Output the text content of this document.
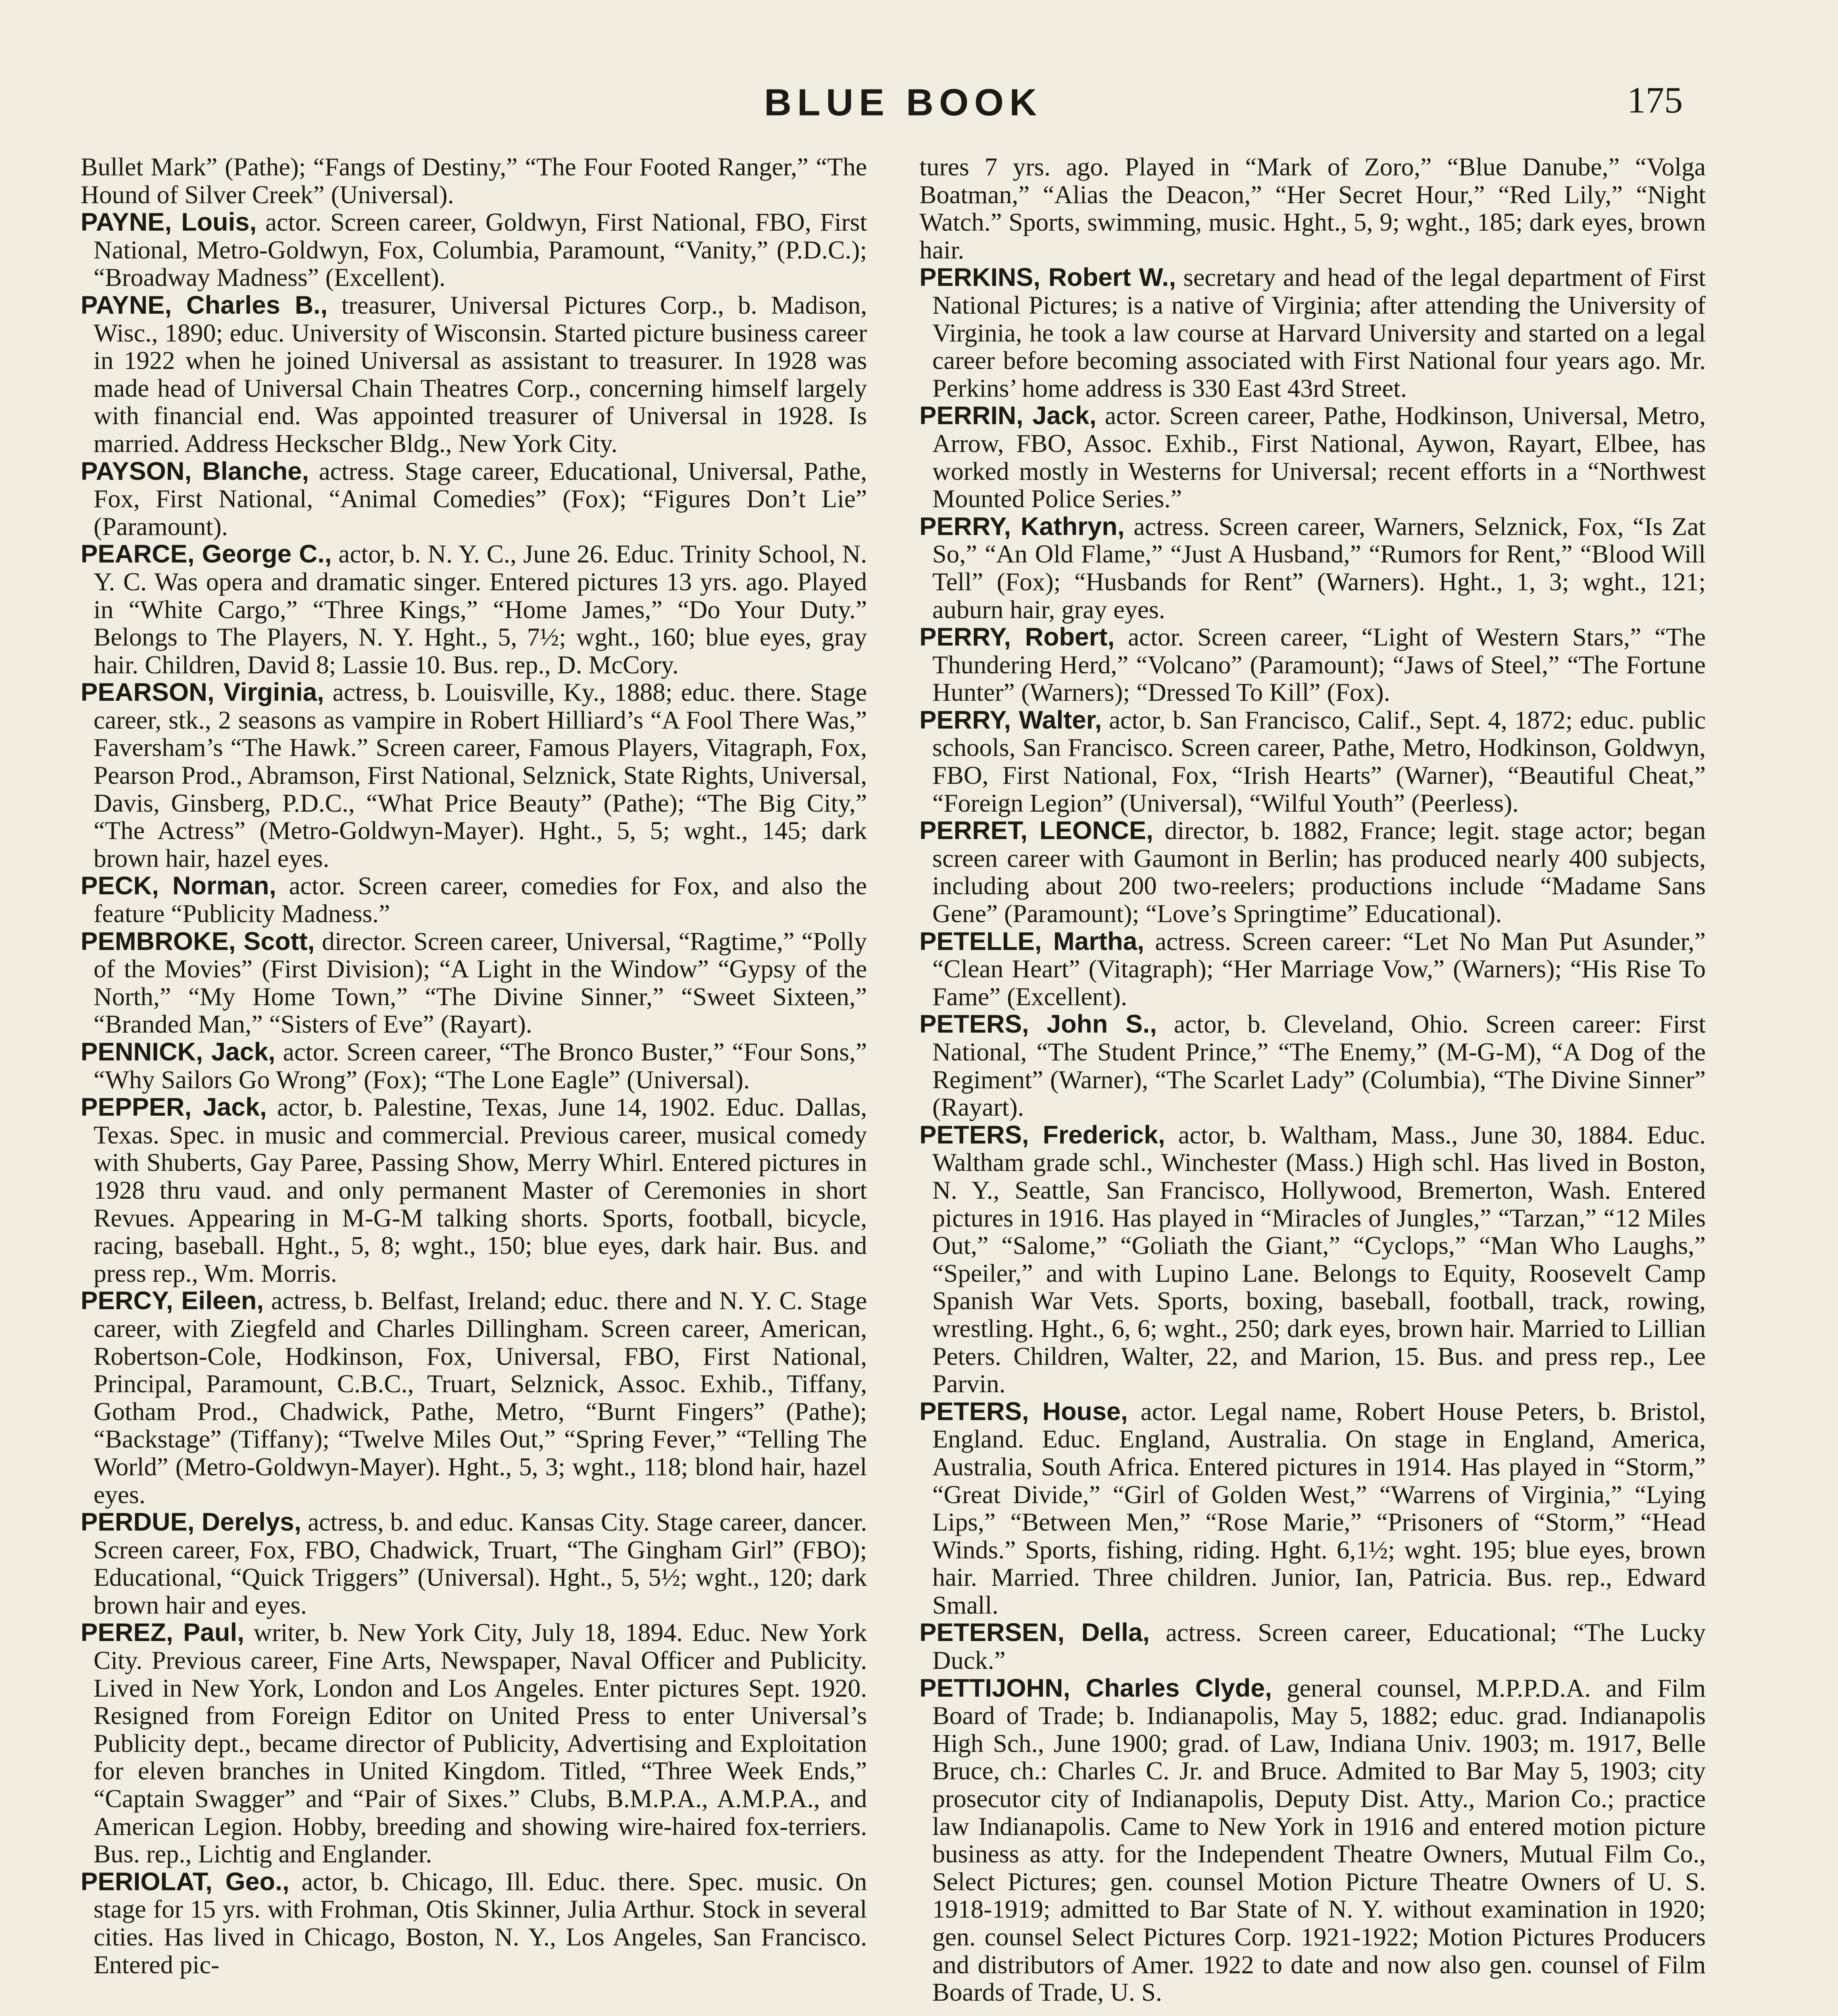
BLUE BOOK	175

Bullet Mark” (Pathe); “Fangs of Destiny,” “The Four Footed Ranger,” “The Hound of Silver Creek” (Universal).

PAYNE, Louis, actor. Screen career, Goldwyn, First National, FBO, First National, Metro-Goldwyn, Fox, Columbia, Paramount, “Vanity,” (P.D.C.); “Broadway Madness” (Excellent).

PAYNE, Charles B., treasurer, Universal Pictures Corp., b. Madison, Wisc., 1890; educ. University of Wisconsin. Started picture business career in 1922 when he joined Universal as assistant to treasurer. In 1928 was made head of Universal Chain Theatres Corp., concerning himself largely with financial end. Was appointed treasurer of Universal in 1928. Is married. Address Heckscher Bldg., New York City.

PAYSON, Blanche, actress. Stage career, Educational, Universal, Pathe, Fox, First National, “Animal Comedies” (Fox); “Figures Don’t Lie” (Paramount).

PEARCE, George C., actor, b. N. Y. C., June 26. Educ. Trinity School, N. Y. C. Was opera and dramatic singer. Entered pictures 13 yrs. ago. Played in “White Cargo,” “Three Kings,” “Home James,” “Do Your Duty.” Belongs to The Players, N. Y. Hght., 5, 7½; wght., 160; blue eyes, gray hair. Children, David 8; Lassie 10. Bus. rep., D. McCory.

PEARSON, Virginia, actress, b. Louisville, Ky., 1888; educ. there. Stage career, stk., 2 seasons as vampire in Robert Hilliard’s “A Fool There Was,” Faversham’s “The Hawk.” Screen career, Famous Players, Vitagraph, Fox, Pearson Prod., Abramson, First National, Selznick, State Rights, Universal, Davis, Ginsberg, P.D.C., “What Price Beauty” (Pathe); “The Big City,” “The Actress” (Metro-Goldwyn-Mayer). Hght., 5, 5; wght., 145; dark brown hair, hazel eyes.

PECK, Norman, actor. Screen career, comedies for Fox, and also the feature “Publicity Madness.”

PEMBROKE, Scott, director. Screen career, Universal, “Ragtime,” “Polly of the Movies” (First Division); “A Light in the Window” “Gypsy of the North,” “My Home Town,” “The Divine Sinner,” “Sweet Sixteen,” “Branded Man,” “Sisters of Eve” (Rayart).

PENNICK, Jack, actor. Screen career, “The Bronco Buster,” “Four Sons,” “Why Sailors Go Wrong” (Fox); “The Lone Eagle” (Universal).

PEPPER, Jack, actor, b. Palestine, Texas, June 14, 1902. Educ. Dallas, Texas. Spec. in music and commercial. Previous career, musical comedy with Shuberts, Gay Paree, Passing Show, Merry Whirl. Entered pictures in 1928 thru vaud. and only permanent Master of Ceremonies in short Revues. Appearing in M-G-M talking shorts. Sports, football, bicycle, racing, baseball. Hght., 5, 8; wght., 150; blue eyes, dark hair. Bus. and press rep., Wm. Morris.

PERCY, Eileen, actress, b. Belfast, Ireland; educ. there and N. Y. C. Stage career, with Ziegfeld and Charles Dillingham. Screen career, American, Robertson-Cole, Hodkinson, Fox, Universal, FBO, First National, Principal, Paramount, C.B.C., Truart, Selznick, Assoc. Exhib., Tiffany, Gotham Prod., Chadwick, Pathe, Metro, “Burnt Fingers” (Pathe); “Backstage” (Tiffany); “Twelve Miles Out,” “Spring Fever,” “Telling The World” (Metro-Goldwyn-Mayer). Hght., 5, 3; wght., 118; blond hair, hazel eyes.

PERDUE, Derelys, actress, b. and educ. Kansas City. Stage career, dancer. Screen career, Fox, FBO, Chadwick, Truart, “The Gingham Girl” (FBO); Educational, “Quick Triggers” (Universal). Hght., 5, 5½; wght., 120; dark brown hair and eyes.

PEREZ, Paul, writer, b. New York City, July 18, 1894. Educ. New York City. Previous career, Fine Arts, Newspaper, Naval Officer and Publicity. Lived in New York, London and Los Angeles. Enter pictures Sept. 1920. Resigned from Foreign Editor on United Press to enter Universal’s Publicity dept., became director of Publicity, Advertising and Exploitation for eleven branches in United Kingdom. Titled, “Three Week Ends,” “Captain Swagger” and “Pair of Sixes.” Clubs, B.M.P.A., A.M.P.A., and American Legion. Hobby, breeding and showing wire-haired fox-terriers. Bus. rep., Lichtig and Englander.

PERIOLAT, Geo., actor, b. Chicago, Ill. Educ. there. Spec. music. On stage for 15 yrs. with Frohman, Otis Skinner, Julia Arthur. Stock in several cities. Has lived in Chicago, Boston, N. Y., Los Angeles, San Francisco. Entered pic-

tures 7 yrs. ago. Played in “Mark of Zoro,” “Blue Danube,” “Volga Boatman,” “Alias the Deacon,” “Her Secret Hour,” “Red Lily,” “Night Watch.” Sports, swimming, music. Hght., 5, 9; wght., 185; dark eyes, brown hair.

PERKINS, Robert W., secretary and head of the legal department of First National Pictures; is a native of Virginia; after attending the University of Virginia, he took a law course at Harvard University and started on a legal career before becoming associated with First National four years ago. Mr. Perkins’ home address is 330 East 43rd Street.

PERRIN, Jack, actor. Screen career, Pathe, Hodkinson, Universal, Metro, Arrow, FBO, Assoc. Exhib., First National, Aywon, Rayart, Elbee, has worked mostly in Westerns for Universal; recent efforts in a “Northwest Mounted Police Series.”

PERRY, Kathryn, actress. Screen career, Warners, Selznick, Fox, “Is Zat So,” “An Old Flame,” “Just A Husband,” “Rumors for Rent,” “Blood Will Tell” (Fox); “Husbands for Rent” (Warners). Hght., 1, 3; wght., 121; auburn hair, gray eyes.

PERRY, Robert, actor. Screen career, “Light of Western Stars,” “The Thundering Herd,” “Volcano” (Paramount); “Jaws of Steel,” “The Fortune Hunter” (Warners); “Dressed To Kill” (Fox).

PERRY, Walter, actor, b. San Francisco, Calif., Sept. 4, 1872; educ. public schools, San Francisco. Screen career, Pathe, Metro, Hodkinson, Goldwyn, FBO, First National, Fox, “Irish Hearts” (Warner), “Beautiful Cheat,” “Foreign Legion” (Universal), “Wilful Youth” (Peerless).

PERRET, LEONCE, director, b. 1882, France; legit. stage actor; began screen career with Gaumont in Berlin; has produced nearly 400 subjects, including about 200 two-reelers; productions include “Madame Sans Gene” (Paramount); “Love’s Springtime” Educational).

PETELLE, Martha, actress. Screen career: “Let No Man Put Asunder,” “Clean Heart” (Vitagraph); “Her Marriage Vow,” (Warners); “His Rise To Fame” (Excellent).

PETERS, John S., actor, b. Cleveland, Ohio. Screen career: First National, “The Student Prince,” “The Enemy,” (M-G-M), “A Dog of the Regiment” (Warner), “The Scarlet Lady” (Columbia), “The Divine Sinner” (Rayart).

PETERS, Frederick, actor, b. Waltham, Mass., June 30, 1884. Educ. Waltham grade schl., Winchester (Mass.) High schl. Has lived in Boston, N. Y., Seattle, San Francisco, Hollywood, Bremerton, Wash. Entered pictures in 1916. Has played in “Miracles of Jungles,” “Tarzan,” “12 Miles Out,” “Salome,” “Goliath the Giant,” “Cyclops,” “Man Who Laughs,” “Speiler,” and with Lupino Lane. Belongs to Equity, Roosevelt Camp Spanish War Vets. Sports, boxing, baseball, football, track, rowing, wrestling. Hght., 6, 6; wght., 250; dark eyes, brown hair. Married to Lillian Peters. Children, Walter, 22, and Marion, 15. Bus. and press rep., Lee Parvin.

PETERS, House, actor. Legal name, Robert House Peters, b. Bristol, England. Educ. England, Australia. On stage in England, America, Australia, South Africa. Entered pictures in 1914. Has played in “Storm,” “Great Divide,” “Girl of Golden West,” “Warrens of Virginia,” “Lying Lips,” “Between Men,” “Rose Marie,” “Prisoners of “Storm,” “Head Winds.” Sports, fishing, riding. Hght. 6,1½; wght. 195; blue eyes, brown hair. Married. Three children. Junior, Ian, Patricia. Bus. rep., Edward Small.

PETERSEN, Della, actress. Screen career, Educational; “The Lucky Duck.”

PETTIJOHN, Charles Clyde, general counsel, M.P.P.D.A. and Film Board of Trade; b. Indianapolis, May 5, 1882; educ. grad. Indianapolis High Sch., June 1900; grad. of Law, Indiana Univ. 1903; m. 1917, Belle Bruce, ch.: Charles C. Jr. and Bruce. Admited to Bar May 5, 1903; city prosecutor city of Indianapolis, Deputy Dist. Atty., Marion Co.; practice law Indianapolis. Came to New York in 1916 and entered motion picture business as atty. for the Independent Theatre Owners, Mutual Film Co., Select Pictures; gen. counsel Motion Picture Theatre Owners of U. S. 1918-1919; admitted to Bar State of N. Y. without examination in 1920; gen. counsel Select Pictures Corp. 1921-1922; Motion Pictures Producers and distributors of Amer. 1922 to date and now also gen. counsel of Film Boards of Trade, U. S.
